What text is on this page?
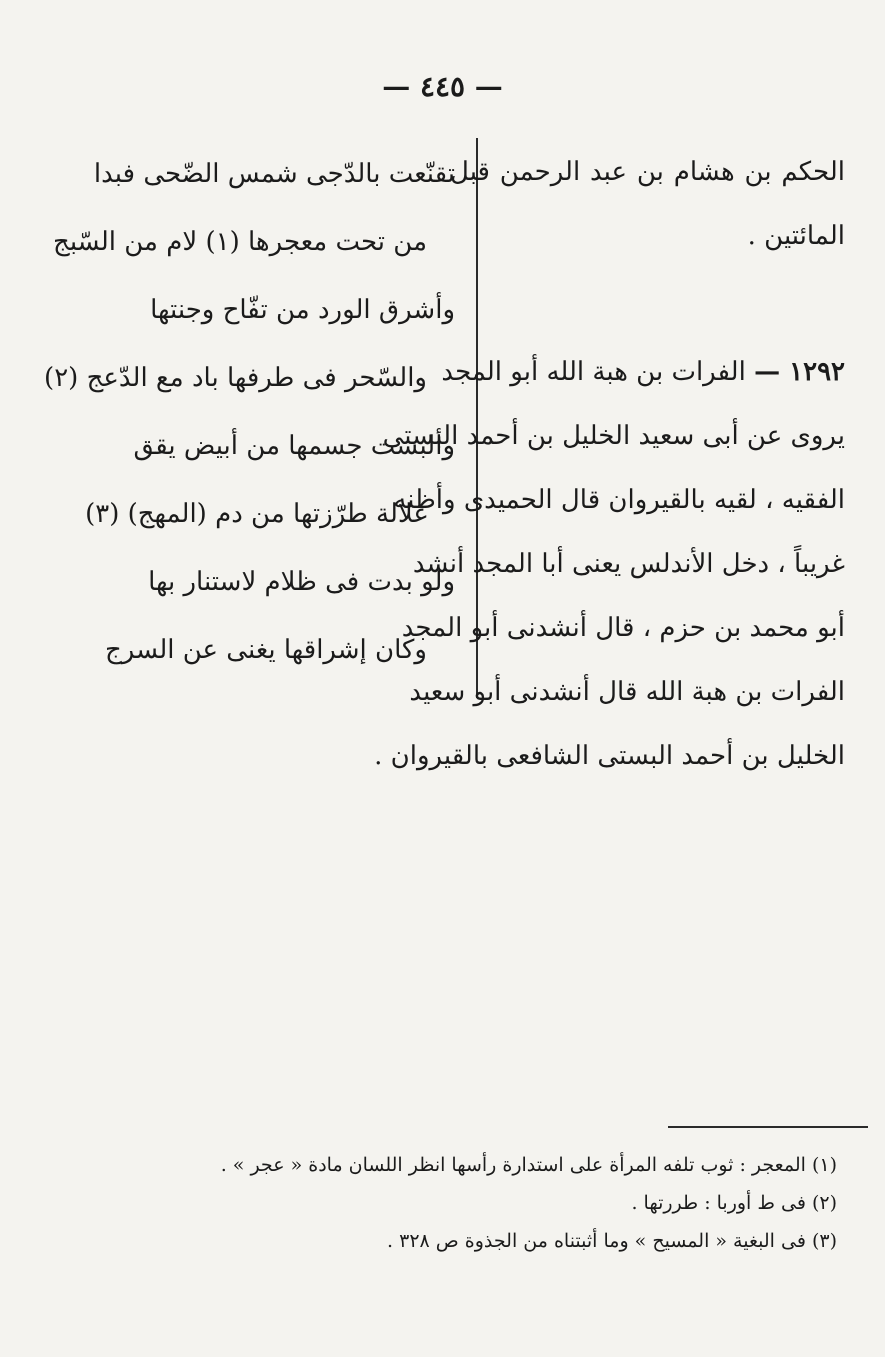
— ٤٤٥ —
الحكم بن هشام بن عبد الرحمن قبل
المائتين .
١٢٩٢ — الفرات بن هبة الله أبو المجد
يروى عن أبى سعيد الخليل بن أحمد البستى
الفقيه ، لقيه بالقيروان قال الحميدى وأظنه
غريباً ، دخل الأندلس يعنى أبا المجد أنشد
أبو محمد بن حزم ، قال أنشدنى أبو المجد
الفرات بن هبة الله قال أنشدنى أبو سعيد
الخليل بن أحمد البستى الشافعى بالقيروان .
تقنّعت بالدّجى شمس الضّحى فبدا
من تحت معجرها (١) لام من السّبج
وأشرق الورد من تفّاح وجنتها
والسّحر فى طرفها باد مع الدّعج (٢)
وألبست جسمها من أبيض يقق
غلالة طرّزتها من دم (المهج) (٣)
ولو بدت فى ظلام لاستنار بها
وكان إشراقها يغنى عن السرج
(١) المعجر : ثوب تلفه المرأة على استدارة رأسها انظر اللسان مادة « عجر » .
(٢) فى ط أوربا : طررتها .
(٣) فى البغية « المسيح » وما أثبتناه من الجذوة ص ٣٢٨ .
